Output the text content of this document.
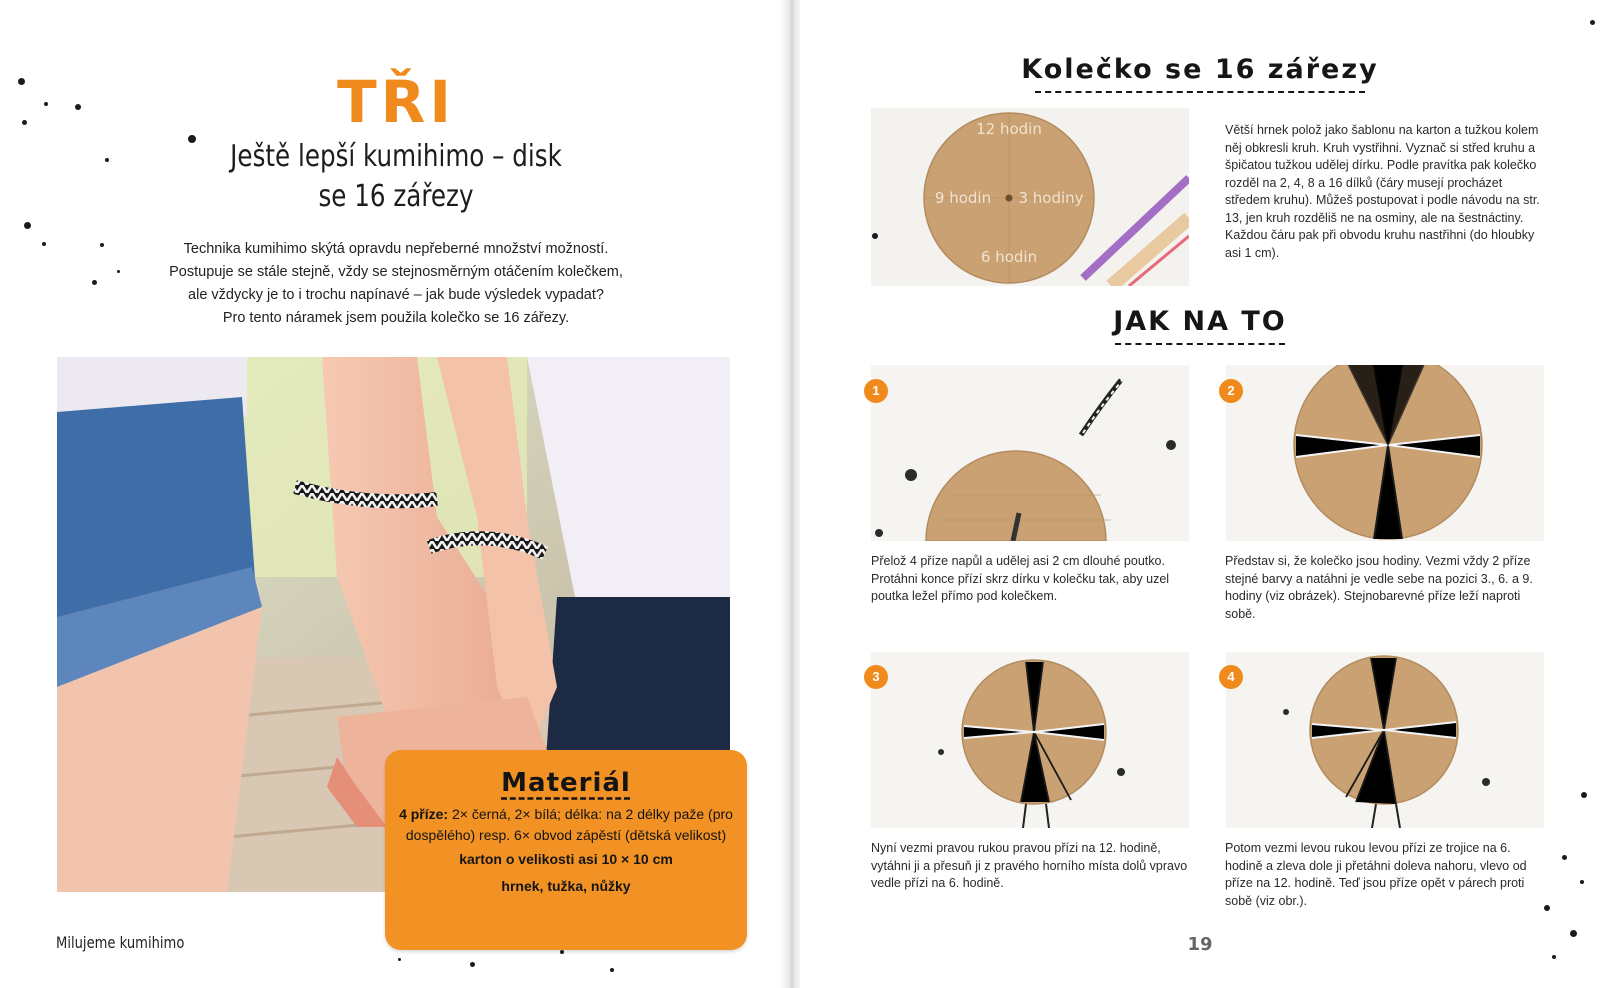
TŘI
Ještě lepší kumihimo – disk
se 16 zářezy

Technika kumihimo skýtá opravdu nepřeberné množství možností.
Postupuje se stále stejně, vždy se stejnosměrným otáčením kolečkem,
ale vždycky je to i trochu napínavé – jak bude výsledek vypadat?
Pro tento náramek jsem použila kolečko se 16 zářezy.

Materiál

4 příze: 2× černá, 2× bílá; délka: na 2 délky paže (pro dospělého) resp. 6× obvod zápěstí (dětská velikost)

karton o velikosti asi 10 × 10 cm
hrnek, tužka, nůžky
Milujeme kumihimo
Kolečko se 16 zářezy
12 hodin
9 hodin 3 hodiny
6 hodin

Větší hrnek polož jako šablonu na karton a tužkou kolem něj obkresli kruh. Kruh vystřihni. Vyznač si střed kruhu a špičatou tužkou udělej dírku. Podle pravítka pak kolečko rozděl na 2, 4, 8 a 16 dílků (čáry musejí procházet středem kruhu). Můžeš postupovat i podle návodu na str. 13, jen kruh rozděliš ne na osminy, ale na šestnáctiny. Každou čáru pak při obvodu kruhu nastřihni (do hloubky asi 1 cm).

JAK NA TO
1

Přelož 4 příze napůl a udělej asi 2 cm dlouhé poutko. Protáhni konce přízí skrz dírku v kolečku tak, aby uzel poutka ležel přímo pod kolečkem.

2

Představ si, že kolečko jsou hodiny. Vezmi vždy 2 příze stejné barvy a natáhni je vedle sebe na pozici 3., 6. a 9. hodiny (viz obrázek). Stejnobarevné příze leží naproti sobě.

3

Nyní vezmi pravou rukou pravou přízi na 12. hodině, vytáhni ji a přesuň ji z pravého horního místa dolů vpravo vedle přízi na 6. hodině.

4

Potom vezmi levou rukou levou přízi ze trojice na 6. hodině a zleva dole ji přetáhni doleva nahoru, vlevo od příze na 12. hodině. Teď jsou příze opět v párech proti sobě (viz obr.).

19
